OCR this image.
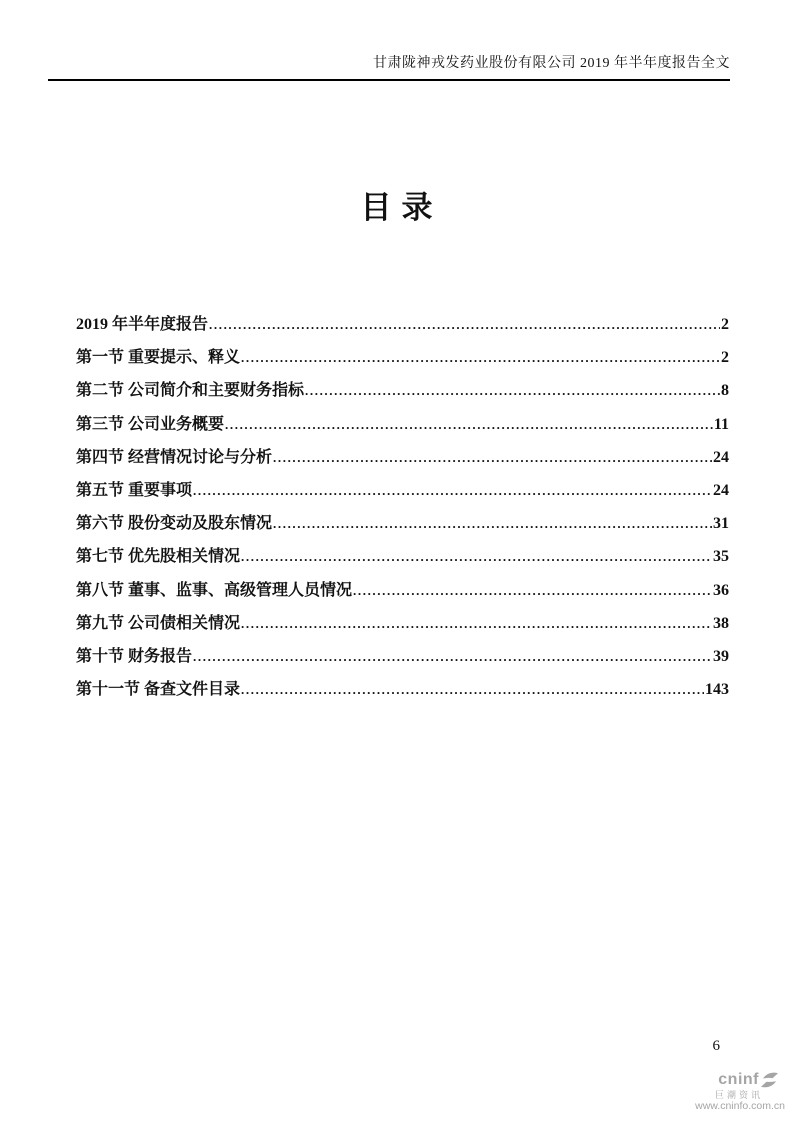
甘肃陇神戎发药业股份有限公司 2019 年半年度报告全文
目录
2019 年半年度报告 .....	2
第一节 重要提示、释义 .....	2
第二节 公司简介和主要财务指标 .....	8
第三节 公司业务概要 .....	11
第四节 经营情况讨论与分析 .....	24
第五节 重要事项 .....	24
第六节 股份变动及股东情况 .....	31
第七节 优先股相关情况 .....	35
第八节 董事、监事、高级管理人员情况 .....	36
第九节 公司债相关情况 .....	38
第十节 财务报告 .....	39
第十一节 备查文件目录 .....	143
6
cninf
巨潮资讯
www.cninfo.com.cn
